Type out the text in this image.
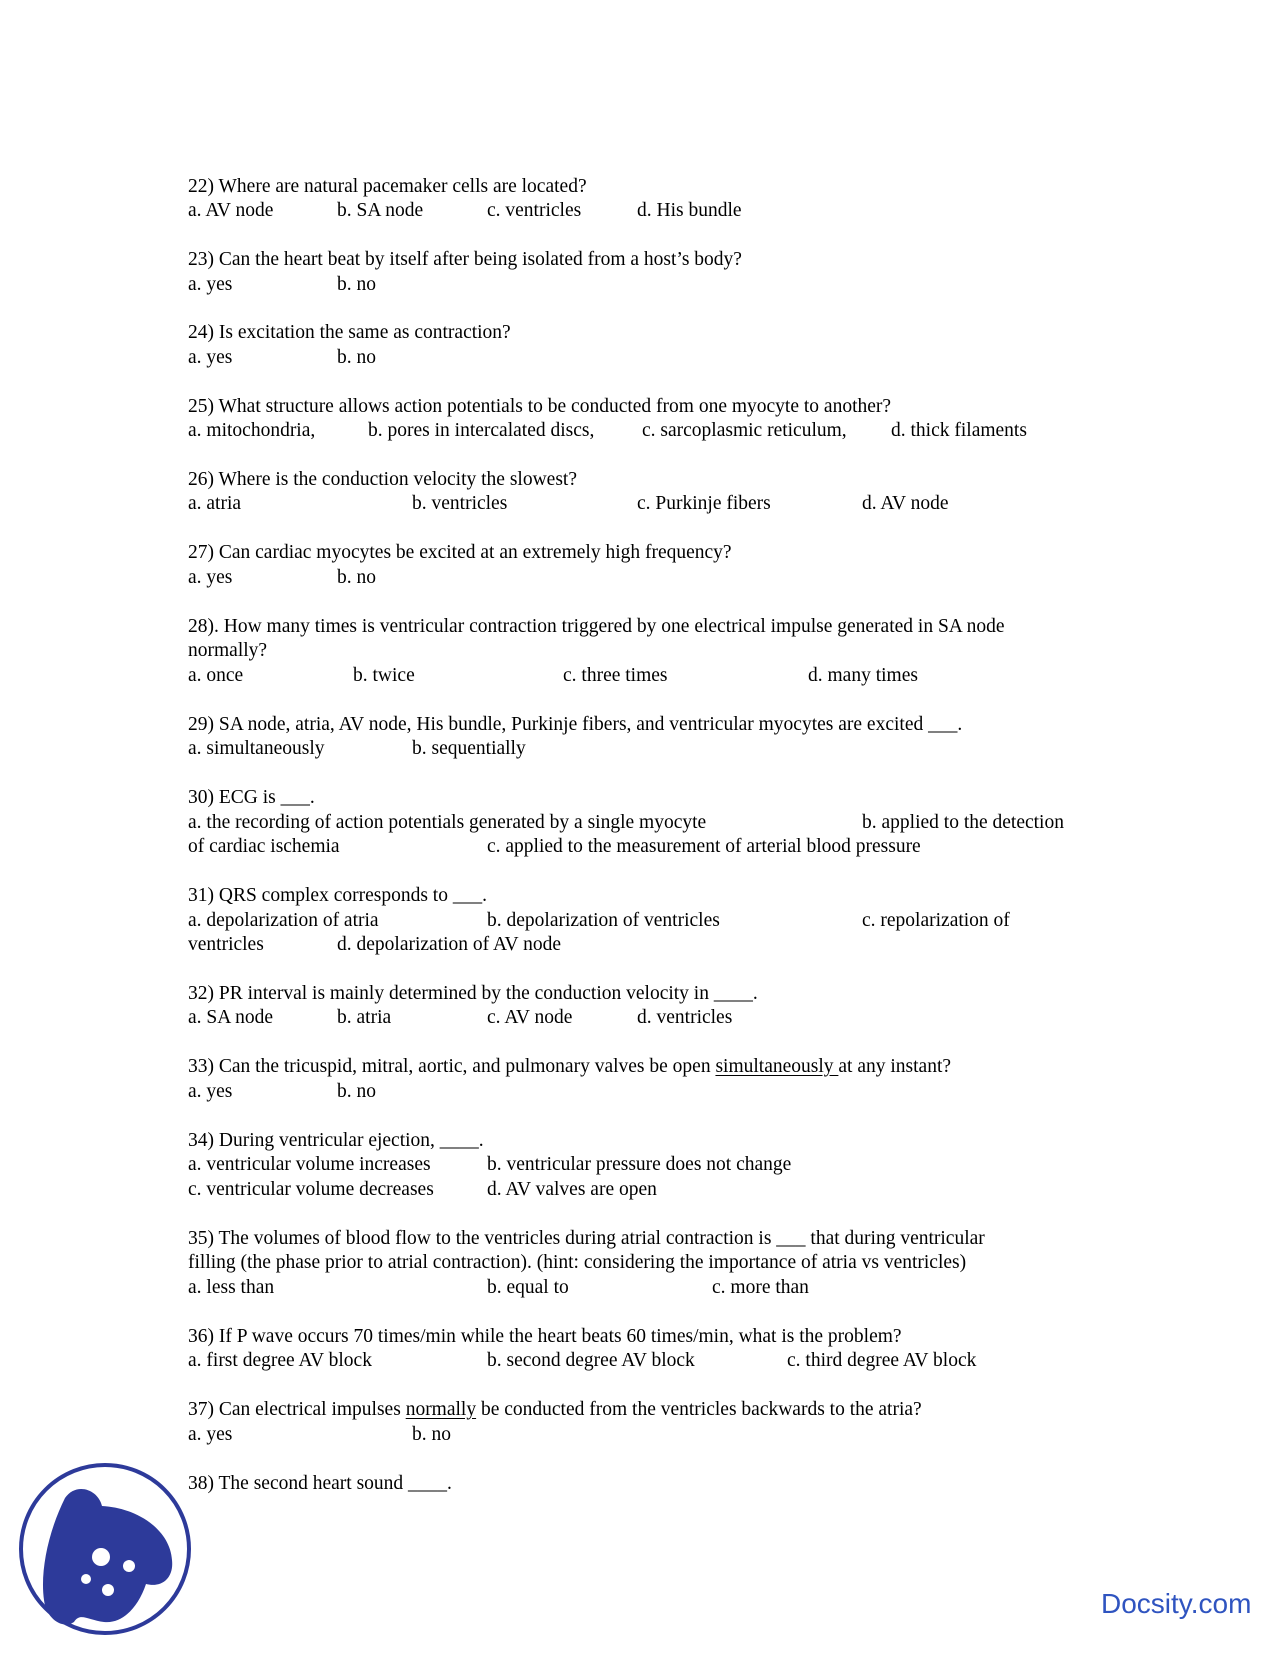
22) Where are natural pacemaker cells are located?
a. AV node	b. SA node	c. ventricles	d. His bundle
23) Can the heart beat by itself after being isolated from a host’s body?
a. yes	b. no
24) Is excitation the same as contraction?
a. yes	b. no
25) What structure allows action potentials to be conducted from one myocyte to another?
a. mitochondria,	b. pores in intercalated discs, c. sarcoplasmic reticulum, d. thick filaments
26) Where is the conduction velocity the slowest?
a. atria	b. ventricles	c. Purkinje fibers	d. AV node
27) Can cardiac myocytes be excited at an extremely high frequency?
a. yes	b. no
28). How many times is ventricular contraction triggered by one electrical impulse generated in SA node
normally?
a. once	b. twice	c. three times	d. many times
29) SA node, atria, AV node, His bundle, Purkinje fibers, and ventricular myocytes are excited ___.
a. simultaneously	b. sequentially
30) ECG is ___.
a. the recording of action potentials generated by a single myocyte	b. applied to the detection
of cardiac ischemia	c. applied to the measurement of arterial blood pressure
31) QRS complex corresponds to ___.
a. depolarization of atria	b. depolarization of ventricles	c. repolarization of
ventricles	d. depolarization of AV node
32) PR interval is mainly determined by the conduction velocity in ____.
a. SA node	b. atria	c. AV node	d. ventricles
33) Can the tricuspid, mitral, aortic, and pulmonary valves be open simultaneously at any instant?
a. yes	b. no
34) During ventricular ejection, ____.
a. ventricular volume increases	b. ventricular pressure does not change
c. ventricular volume decreases	d. AV valves are open
35) The volumes of blood flow to the ventricles during atrial contraction is ___ that during ventricular
filling (the phase prior to atrial contraction). (hint: considering the importance of atria vs ventricles)
a. less than	b. equal to	c. more than
36) If P wave occurs 70 times/min while the heart beats 60 times/min, what is the problem?
a. first degree AV block	b. second degree AV block	c. third degree AV block
37) Can electrical impulses normally be conducted from the ventricles backwards to the atria?
a. yes	b. no
38) The second heart sound ____.
Docsity.com
